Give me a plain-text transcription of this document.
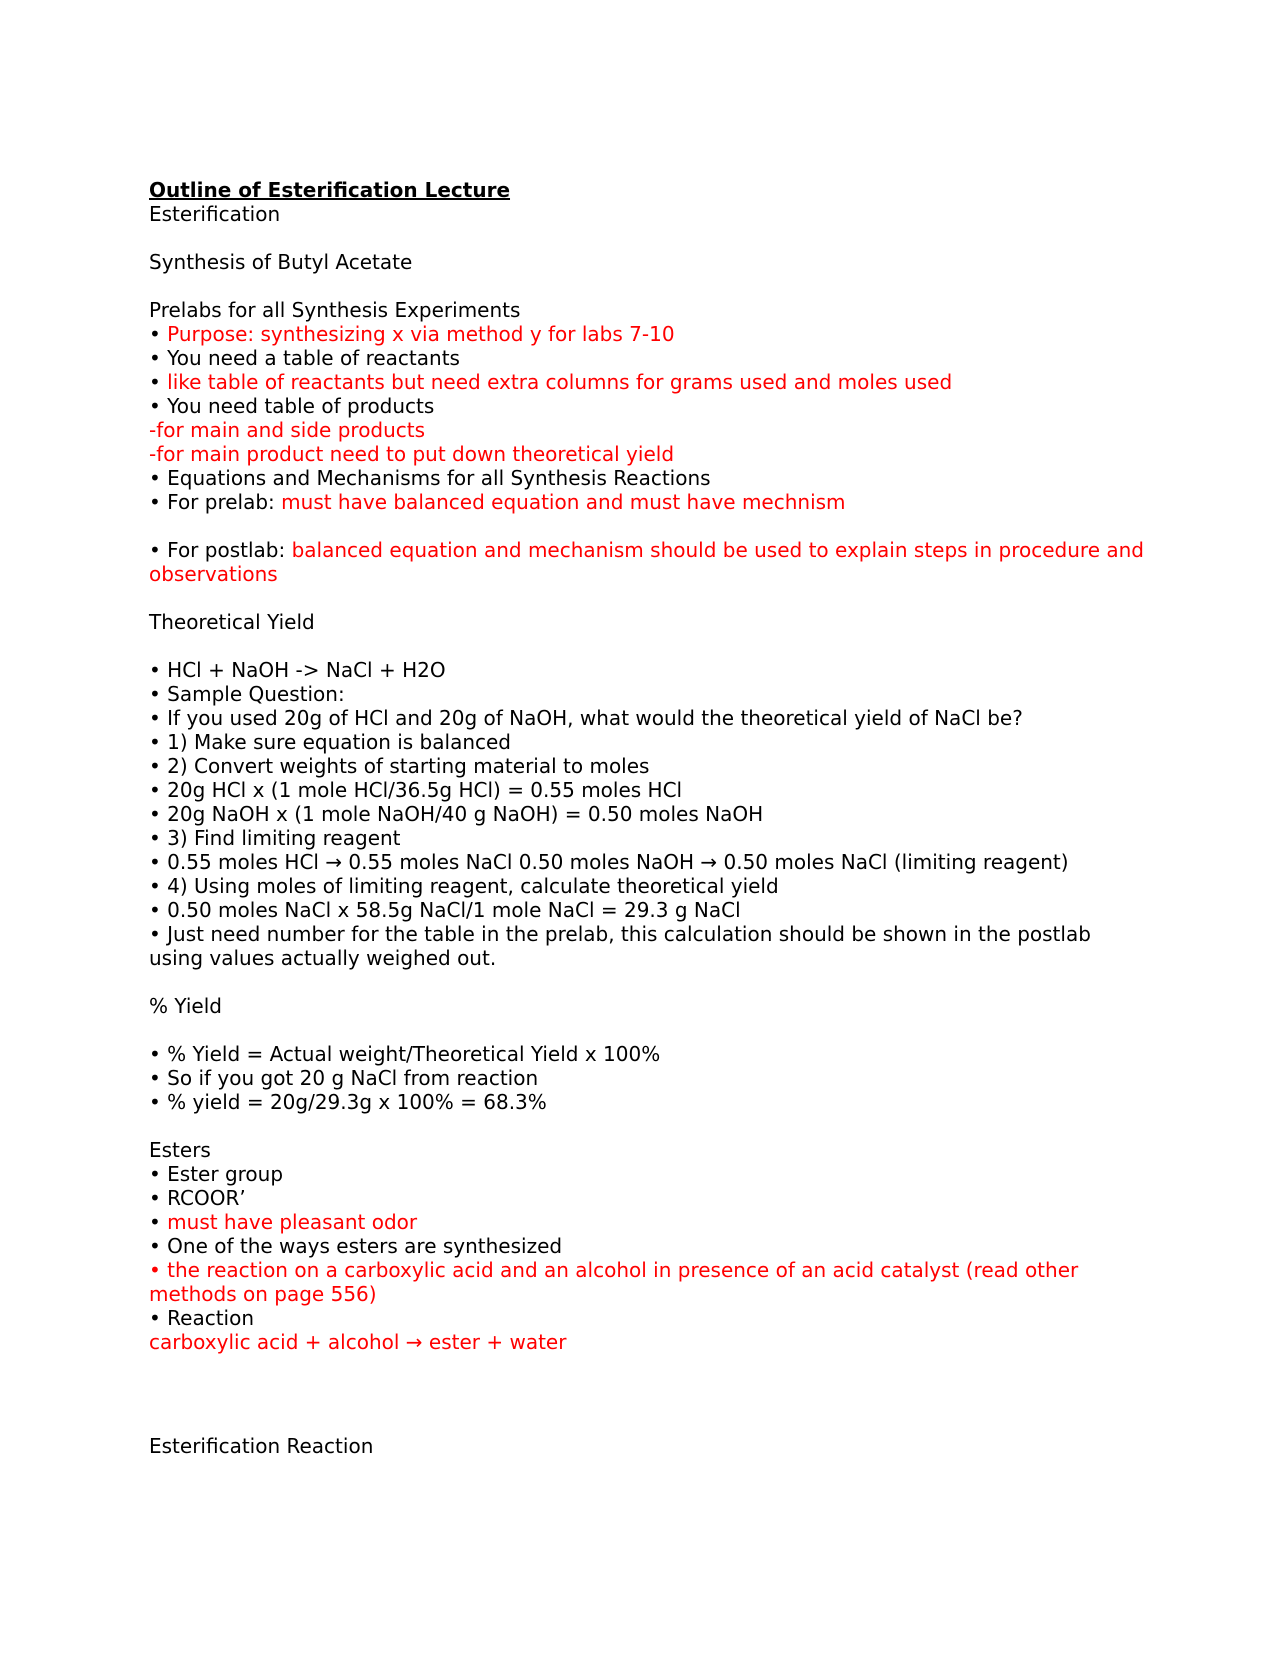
Outline of Esterification Lecture
Esterification
Synthesis of Butyl Acetate
Prelabs for all Synthesis Experiments
• Purpose: synthesizing x via method y for labs 7-10
• You need a table of reactants
• like table of reactants but need extra columns for grams used and moles used
• You need table of products
-for main and side products
-for main product need to put down theoretical yield
• Equations and Mechanisms for all Synthesis Reactions
• For prelab: must have balanced equation and must have mechnism
• For postlab: balanced equation and mechanism should be used to explain steps in procedure and observations
Theoretical Yield
• HCl + NaOH -> NaCl + H2O
• Sample Question:
• If you used 20g of HCl and 20g of NaOH, what would the theoretical yield of NaCl be?
• 1) Make sure equation is balanced
• 2) Convert weights of starting material to moles
• 20g HCl x (1 mole HCl/36.5g HCl) = 0.55 moles HCl
• 20g NaOH x (1 mole NaOH/40 g NaOH) = 0.50 moles NaOH
• 3) Find limiting reagent
• 0.55 moles HCl → 0.55 moles NaCl 0.50 moles NaOH → 0.50 moles NaCl (limiting reagent)
• 4) Using moles of limiting reagent, calculate theoretical yield
• 0.50 moles NaCl x 58.5g NaCl/1 mole NaCl = 29.3 g NaCl
• Just need number for the table in the prelab, this calculation should be shown in the postlab using values actually weighed out.
% Yield
• % Yield = Actual weight/Theoretical Yield x 100%
• So if you got 20 g NaCl from reaction
• % yield = 20g/29.3g x 100% = 68.3%
Esters
• Ester group
• RCOOR’
• must have pleasant odor
• One of the ways esters are synthesized
• the reaction on a carboxylic acid and an alcohol in presence of an acid catalyst (read other methods on page 556)
• Reaction
carboxylic acid + alcohol → ester + water
Esterification Reaction
